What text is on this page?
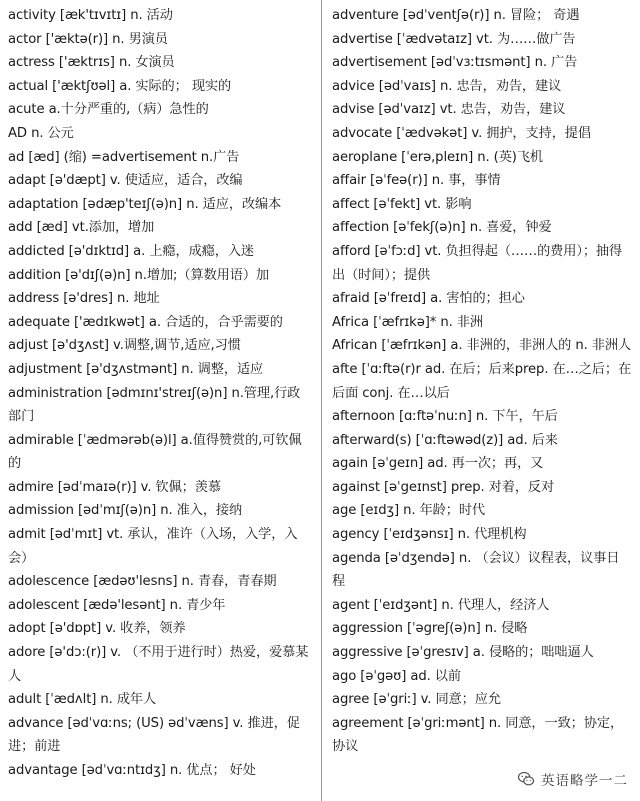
activity [æk'tɪvɪtɪ] n. 活动
actor ['æktə(r)] n. 男演员
actress ['æktrɪs] n. 女演员
actual ['æktʃʊəl] a. 实际的； 现实的
acute a.十分严重的,（病）急性的
AD n. 公元
ad [æd] (缩) =advertisement n.广告
adapt [ə'dæpt] v. 使适应，适合，改编
adaptation [ədæp'teɪʃ(ə)n] n. 适应，改编本
add [æd] vt.添加，增加
addicted [ə'dɪktɪd] a. 上瘾，成瘾，入迷
addition [ə'dɪʃ(ə)n] n.增加;（算数用语）加
address [ə'dres] n. 地址
adequate ['ædɪkwət] a. 合适的，合乎需要的
adjust [ə'dʒʌst] v.调整,调节,适应,习惯
adjustment [ə'dʒʌstmənt] n. 调整，适应
administration [ədmɪnɪ'streɪʃ(ə)n] n.管理,行政部门
admirable [ˈædmərəb(ə)l] a.值得赞赏的,可钦佩的
admire [ədˈmaɪə(r)] v. 钦佩；羡慕
admission [ədˈmɪʃ(ə)n] n. 准入，接纳
admit [ədˈmɪt] vt. 承认，准许（入场，入学，入会）
adolescence [ædəʊ'lesns] n. 青春，青春期
adolescent [ædə'lesənt] n. 青少年
adopt [ə'dɒpt] v. 收养，领养
adore [ə'dɔ:(r)] v. （不用于进行时）热爱，爱慕某人
adult [ˈædʌlt] n. 成年人
advance [ədˈvɑːns; (US) ədˈvæns] v. 推进，促进；前进
advantage [ədˈvɑːntɪdʒ] n. 优点； 好处
adventure [ədˈventʃə(r)] n. 冒险； 奇遇
advertise [ˈædvətaɪz] vt. 为……做广告
advertisement [ədˈvɜːtɪsmənt] n. 广告
advice [ədˈvaɪs] n. 忠告，劝告，建议
advise [ədˈvaɪz] vt. 忠告，劝告，建议
advocate [ˈædvəkət] v. 拥护，支持，提倡
aeroplane [ˈerə,pleɪn] n. (英)飞机
affair [əˈfeə(r)] n. 事，事情
affect [əˈfekt] vt. 影响
affection [əˈfekʃ(ə)n] n. 喜爱，钟爱
afford [əˈfɔːd] vt. 负担得起（……的费用）；抽得出（时间）；提供
afraid [əˈfreɪd] a. 害怕的；担心
Africa [ˈæfrɪkə]* n. 非洲
African [ˈæfrɪkən] a. 非洲的，非洲人的 n. 非洲人
afte [ˈɑːftə(r)r ad. 在后；后来prep. 在…之后；在 后面 conj. 在…以后
afternoon [ɑːftəˈnuːn] n. 下午，午后
afterward(s) [ˈɑːftəwəd(z)] ad. 后来
again [əˈgeɪn] ad. 再一次；再，又
against [əˈgeɪnst] prep. 对着，反对
age [eɪdʒ] n. 年龄；时代
agency [ˈeɪdʒənsɪ] n. 代理机构
agenda [əˈdʒendə] n. （会议）议程表，议事日程
agent [ˈeɪdʒənt] n. 代理人，经济人
aggression [ˈəgreʃ(ə)n] n. 侵略
aggressive [əˈgresɪv] a. 侵略的；咄咄逼人
ago [əˈgəʊ] ad. 以前
agree [əˈgriː] v. 同意；应允
agreement [əˈgriːmənt] n. 同意，一致；协定，协议
英语略学一二
